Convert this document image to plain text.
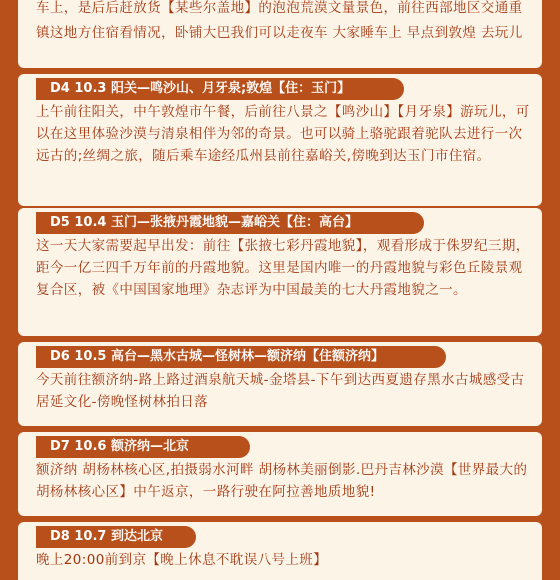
车上，是后后赶放货【某些尔盖地】的泡泡荒漠文量景色，前往西部地区交通重镇这地方住宿看情况，卧铺大巴我们可以走夜车 大家睡车上 早点到敦煌 去玩儿
D4 10.3 阳关—鸣沙山、月牙泉;敦煌【住：玉门】
上午前往阳关，中午敦煌市午餐，后前往八景之【鸣沙山】【月牙泉】游玩儿，可以在这里体验沙漠与清泉相伴为邻的奇景。也可以骑上骆驼跟着驼队去进行一次远古的;丝绸之旅，随后乘车途经瓜州县前往嘉峪关,傍晚到达玉门市住宿。
D5 10.4 玉门—张掖丹霞地貌—嘉峪关【住：高台】
这一天大家需要起早出发：前往【张掖七彩丹霞地貌】，观看形成于侏罗纪三期，距今一亿三四千万年前的丹霞地貌。这里是国内唯一的丹霞地貌与彩色丘陵景观复合区，被《中国国家地理》杂志评为中国最美的七大丹霞地貌之一。
D6 10.5 高台—黑水古城—怪树林—额济纳【住额济纳】
今天前往额济纳-路上路过酒泉航天城-金塔县-下午到达西夏遗存黑水古城感受古居延文化-傍晚怪树林拍日落
D7 10.6 额济纳—北京
额济纳 胡杨林核心区,拍摄弱水河畔 胡杨林美丽倒影.巴丹吉林沙漠【世界最大的胡杨林核心区】中午返京，一路行驶在阿拉善地质地貌!
D8 10.7 到达北京
晚上20:00前到京【晚上休息不耽误八号上班】
